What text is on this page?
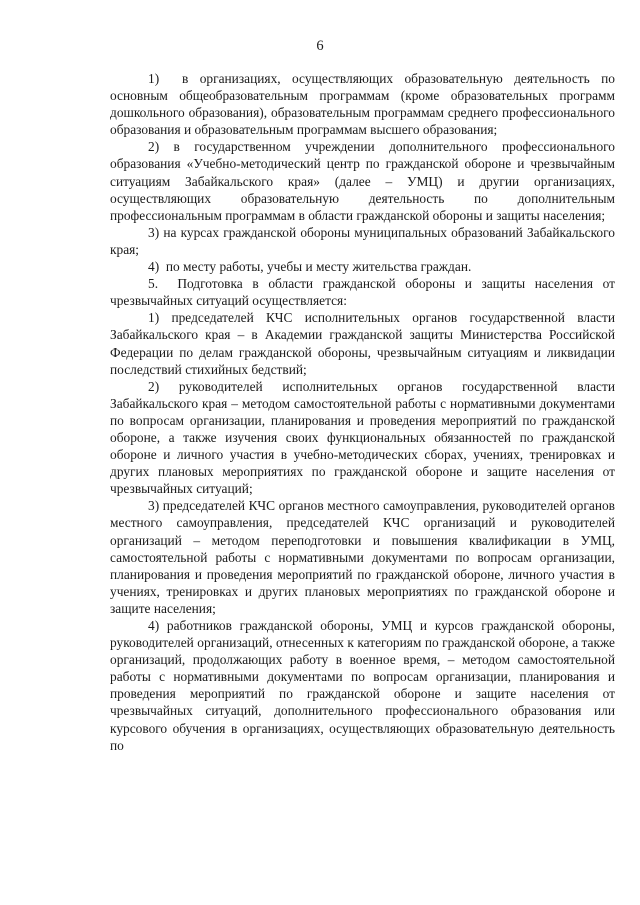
6

1)  в организациях, осуществляющих образовательную деятельность по основным общеобразовательным программам (кроме образовательных программ дошкольного образования), образовательным программам среднего профессионального образования и образовательным программам высшего образования;

2) в государственном учреждении дополнительного профессионального образования «Учебно-методический центр по гражданской обороне и чрезвычайным ситуациям Забайкальского края» (далее – УМЦ) и другии организациях, осуществляющих образовательную деятельность по дополнительным профессиональным программам в области гражданской обороны и защиты населения;

3) на курсах гражданской обороны муниципальных образований Забайкальского края;

4)  по месту работы, учебы и месту жительства граждан.

5.  Подготовка в области гражданской обороны и защиты населения от чрезвычайных ситуаций осуществляется:

1) председателей КЧС исполнительных органов государственной власти Забайкальского края – в Академии гражданской защиты Министерства Российской Федерации по делам гражданской обороны, чрезвычайным ситуациям и ликвидации последствий стихийных бедствий;

2) руководителей исполнительных органов государственной власти Забайкальского края – методом самостоятельной работы с нормативными документами по вопросам организации, планирования и проведения мероприятий по гражданской обороне, а также изучения своих функциональных обязанностей по гражданской обороне и личного участия в учебно-методических сборах, учениях, тренировках и других плановых мероприятиях по гражданской обороне и защите населения от чрезвычайных ситуаций;

3) председателей КЧС органов местного самоуправления, руководителей органов местного самоуправления, председателей КЧС организаций и руководителей организаций – методом переподготовки и повышения квалификации в УМЦ, самостоятельной работы с нормативными документами по вопросам организации, планирования и проведения мероприятий по гражданской обороне, личного участия в учениях, тренировках и других плановых мероприятиях по гражданской обороне и защите населения;

4) работников гражданской обороны, УМЦ и курсов гражданской обороны, руководителей организаций, отнесенных к категориям по гражданской обороне, а также организаций, продолжающих работу в военное время, – методом самостоятельной работы с нормативными документами по вопросам организации, планирования и проведения мероприятий по гражданской обороне и защите населения от чрезвычайных ситуаций, дополнительного профессионального образования или курсового обучения в организациях, осуществляющих образовательную деятельность по
